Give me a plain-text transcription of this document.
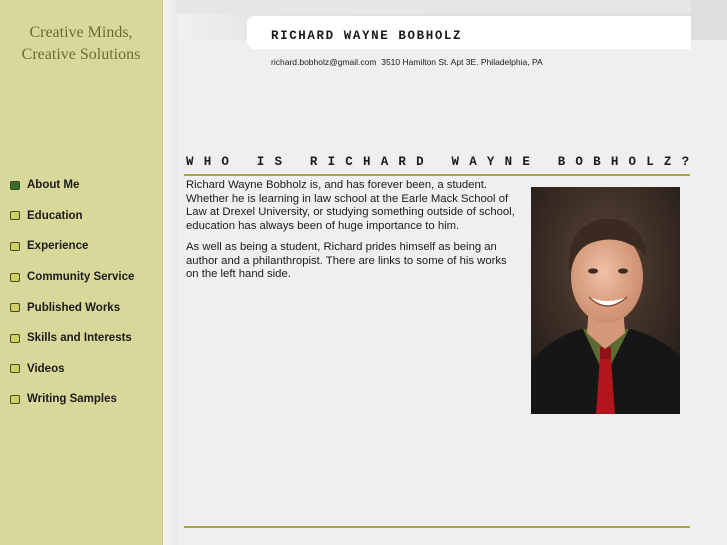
Creative Minds,
Creative Solutions
About Me
Education
Experience
Community Service
Published Works
Skills and Interests
Videos
Writing Samples
RICHARD WAYNE BOBHOLZ
richard.bobholz@gmail.com 3510 Hamilton St. Apt 3E. Philadelphia, PA
WHO IS RICHARD WAYNE BOBHOLZ?

Richard Wayne Bobholz is, and has forever been, a student. Whether he is learning in law school at the Earle Mack School of Law at Drexel University, or studying something outside of school, education has always been of huge importance to him.

As well as being a student, Richard prides himself as being an author and a philanthropist. There are links to some of his works on the left hand side.
